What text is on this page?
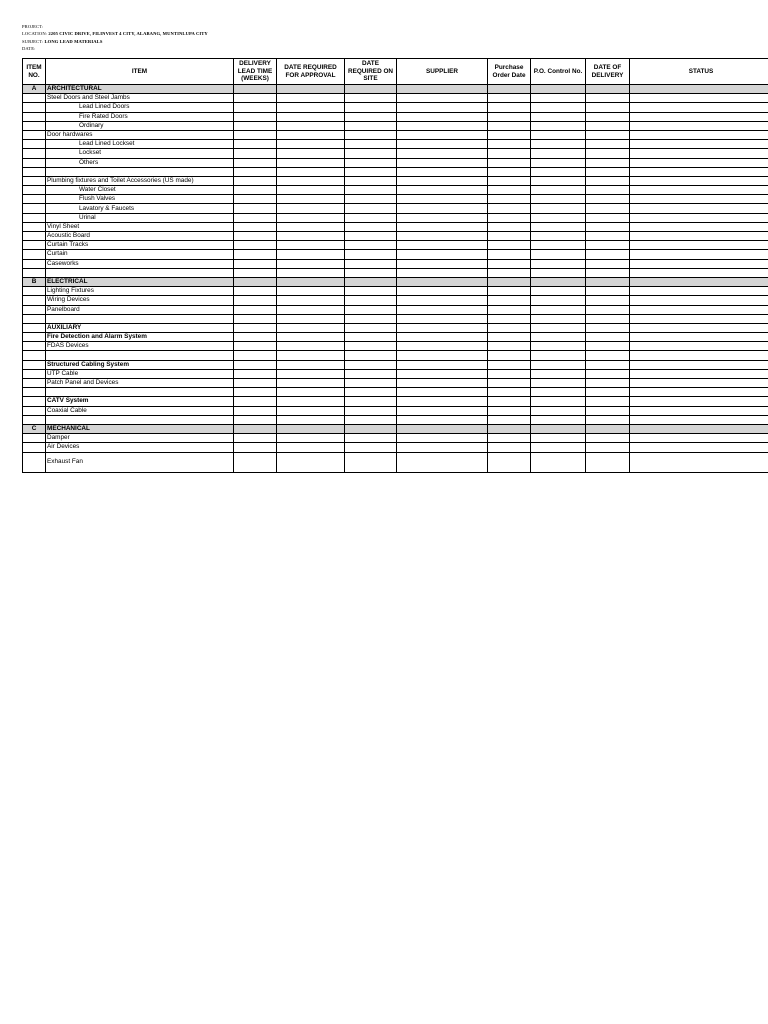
PROJECT:
LOCATION: 2205 CIVIC DRIVE, FILINVEST 4 CITY, ALABANG, MUNTINLUPA CITY
SUBJECT: LONG LEAD MATERIALS
DATE:
ITEM NO.	ITEM	DELIVERY LEAD TIME (WEEKS)	DATE REQUIRED FOR APPROVAL	DATE REQUIRED ON SITE	SUPPLIER	Purchase Order Date	P.O. Control No.	DATE OF DELIVERY	STATUS
A	ARCHITECTURAL								
	Steel Doors and Steel Jambs								
	Lead Lined Doors								
	Fire Rated Doors								
	Ordinary								
	Door hardwares								
	Lead Lined Lockset								
	Lockset								
	Others								

	Plumbing fixtures and Toilet Accessories (US made)								
	Water Closet								
	Flush Valves								
	Lavatory & Faucets								
	Urinal								
	Vinyl Sheet								
	Acoustic Board								
	Curtain Tracks								
	Curtain								
	Caseworks								

B	ELECTRICAL								
	Lighting Fixtures								
	Wiring Devices								
	Panelboard								

	AUXILIARY								
	Fire Detection and Alarm System								
	FDAS Devices								

	Structured Cabling System								
	UTP Cable								
	Patch Panel and Devices								

	CATV System								
	Coaxial Cable								

C	MECHANICAL								
	Damper								
	Air Devices								
	Exhaust Fan								
